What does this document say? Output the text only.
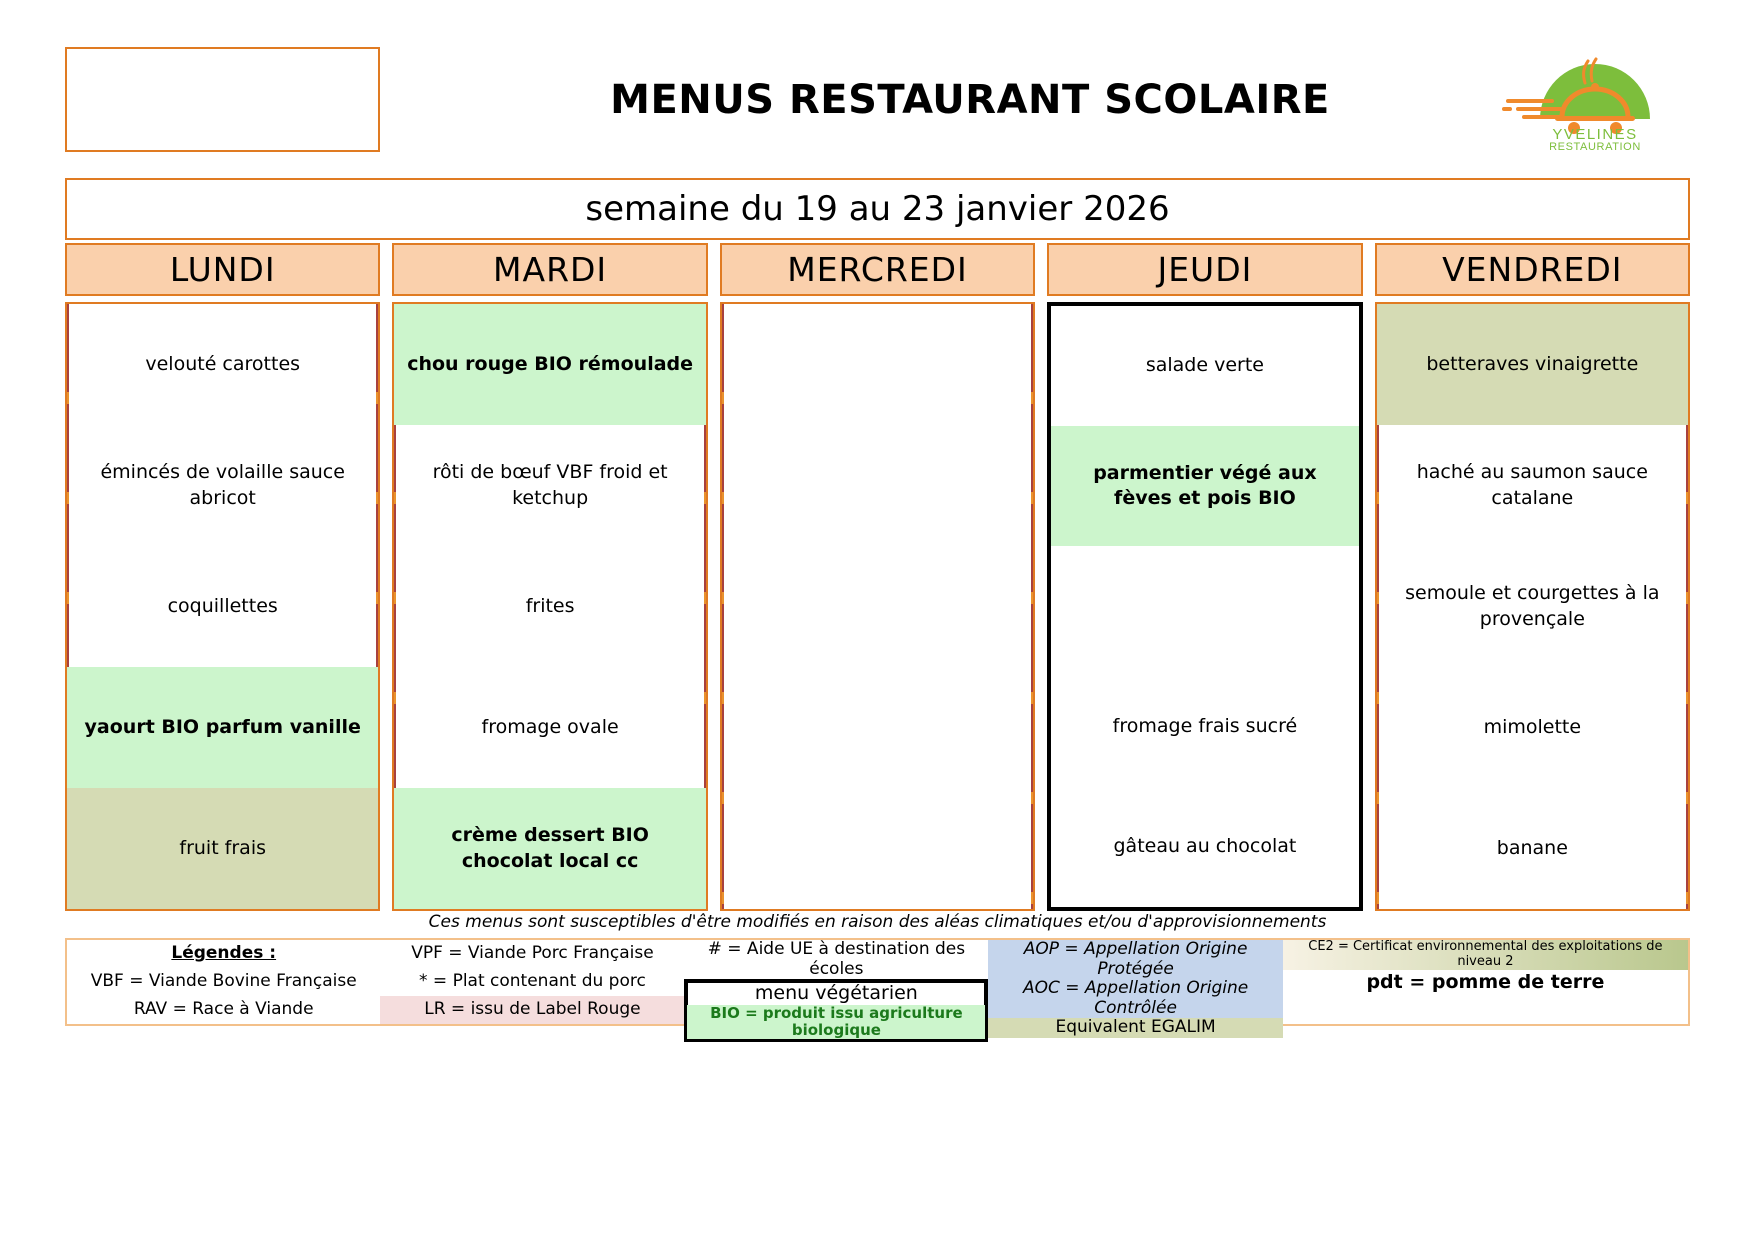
MENUS RESTAURANT SCOLAIRE
YVELINES
RESTAURATION
semaine du 19 au 23 janvier 2026
LUNDI
velouté carottes
émincés de volaille sauce abricot
coquillettes
yaourt BIO parfum vanille
fruit frais
MARDI
chou rouge BIO rémoulade
rôti de bœuf VBF froid et ketchup
frites
fromage ovale
crème dessert BIO chocolat local cc
MERCREDI	JEUDI
salade verte
parmentier végé aux fèves et pois BIO
fromage frais sucré
gâteau au chocolat
VENDREDI
betteraves vinaigrette
haché au saumon sauce catalane
semoule et courgettes à la provençale
mimolette
banane
Ces menus sont susceptibles d'être modifiés en raison des aléas climatiques et/ou d'approvisionnements
Légendes :
VBF = Viande Bovine Française
RAV = Race à Viande
VPF = Viande Porc Française
* = Plat contenant du porc
LR = issu de Label Rouge
# = Aide UE à destination des écoles
menu végétarien
BIO = produit issu agriculture biologique
AOP = Appellation Origine Protégée
AOC = Appellation Origine Contrôlée
Equivalent EGALIM
CE2 = Certificat environnemental des exploitations de niveau 2
pdt = pomme de terre
